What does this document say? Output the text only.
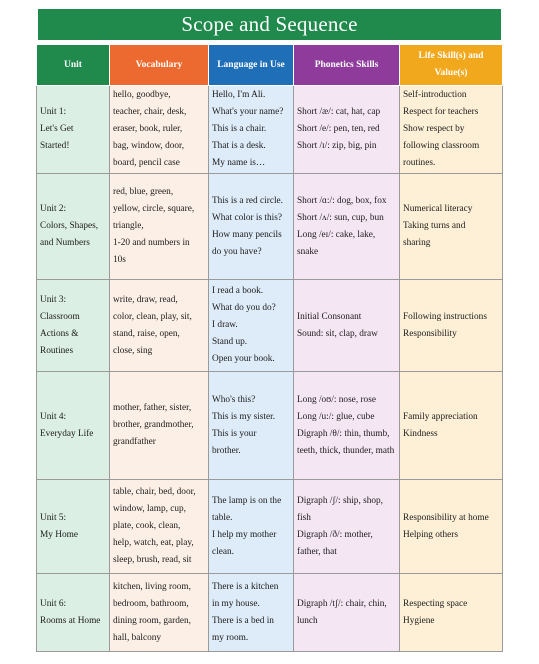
Scope and Sequence
Unit	Vocabulary	Language in Use	Phonetics Skills	Life Skill(s) and Value(s)
Unit 1:
Let's Get
Started!	hello, goodbye,
teacher, chair, desk,
eraser, book, ruler,
bag, window, door,
board, pencil case	Hello, I'm Ali.
What's your name?
This is a chair.
That is a desk.
My name is…	Short /æ/: cat, hat, cap
Short /e/: pen, ten, red
Short /ɪ/: zip, big, pin	Self-introduction
Respect for teachers
Show respect by
following classroom
routines.
Unit 2:
Colors, Shapes,
and Numbers	red, blue, green,
yellow, circle, square,
triangle,
1-20 and numbers in
10s	This is a red circle.
What color is this?
How many pencils
do you have?	Short /ɑ:/: dog, box, fox
Short /ʌ/: sun, cup, bun
Long /eɪ/: cake, lake,
snake	Numerical literacy
Taking turns and
sharing
Unit 3:
Classroom
Actions &
Routines	write, draw, read,
color, clean, play, sit,
stand, raise, open,
close, sing	I read a book.
What do you do?
I draw.
Stand up.
Open your book.	Initial Consonant
Sound: sit, clap, draw	Following instructions
Responsibility
Unit 4:
Everyday Life	mother, father, sister,
brother, grandmother,
grandfather	Who's this?
This is my sister.
This is your
brother.	Long /oʊ/: nose, rose
Long /u:/: glue, cube
Digraph /θ/: thin, thumb,
teeth, thick, thunder, math	Family appreciation
Kindness
Unit 5:
My Home	table, chair, bed, door,
window, lamp, cup,
plate, cook, clean,
help, watch, eat, play,
sleep, brush, read, sit	The lamp is on the
table.
I help my mother
clean.	Digraph /ʃ/: ship, shop,
fish
Digraph /ð/: mother,
father, that	Responsibility at home
Helping others
Unit 6:
Rooms at Home	kitchen, living room,
bedroom, bathroom,
dining room, garden,
hall, balcony	There is a kitchen
in my house.
There is a bed in
my room.	Digraph /tʃ/: chair, chin,
lunch	Respecting space
Hygiene
